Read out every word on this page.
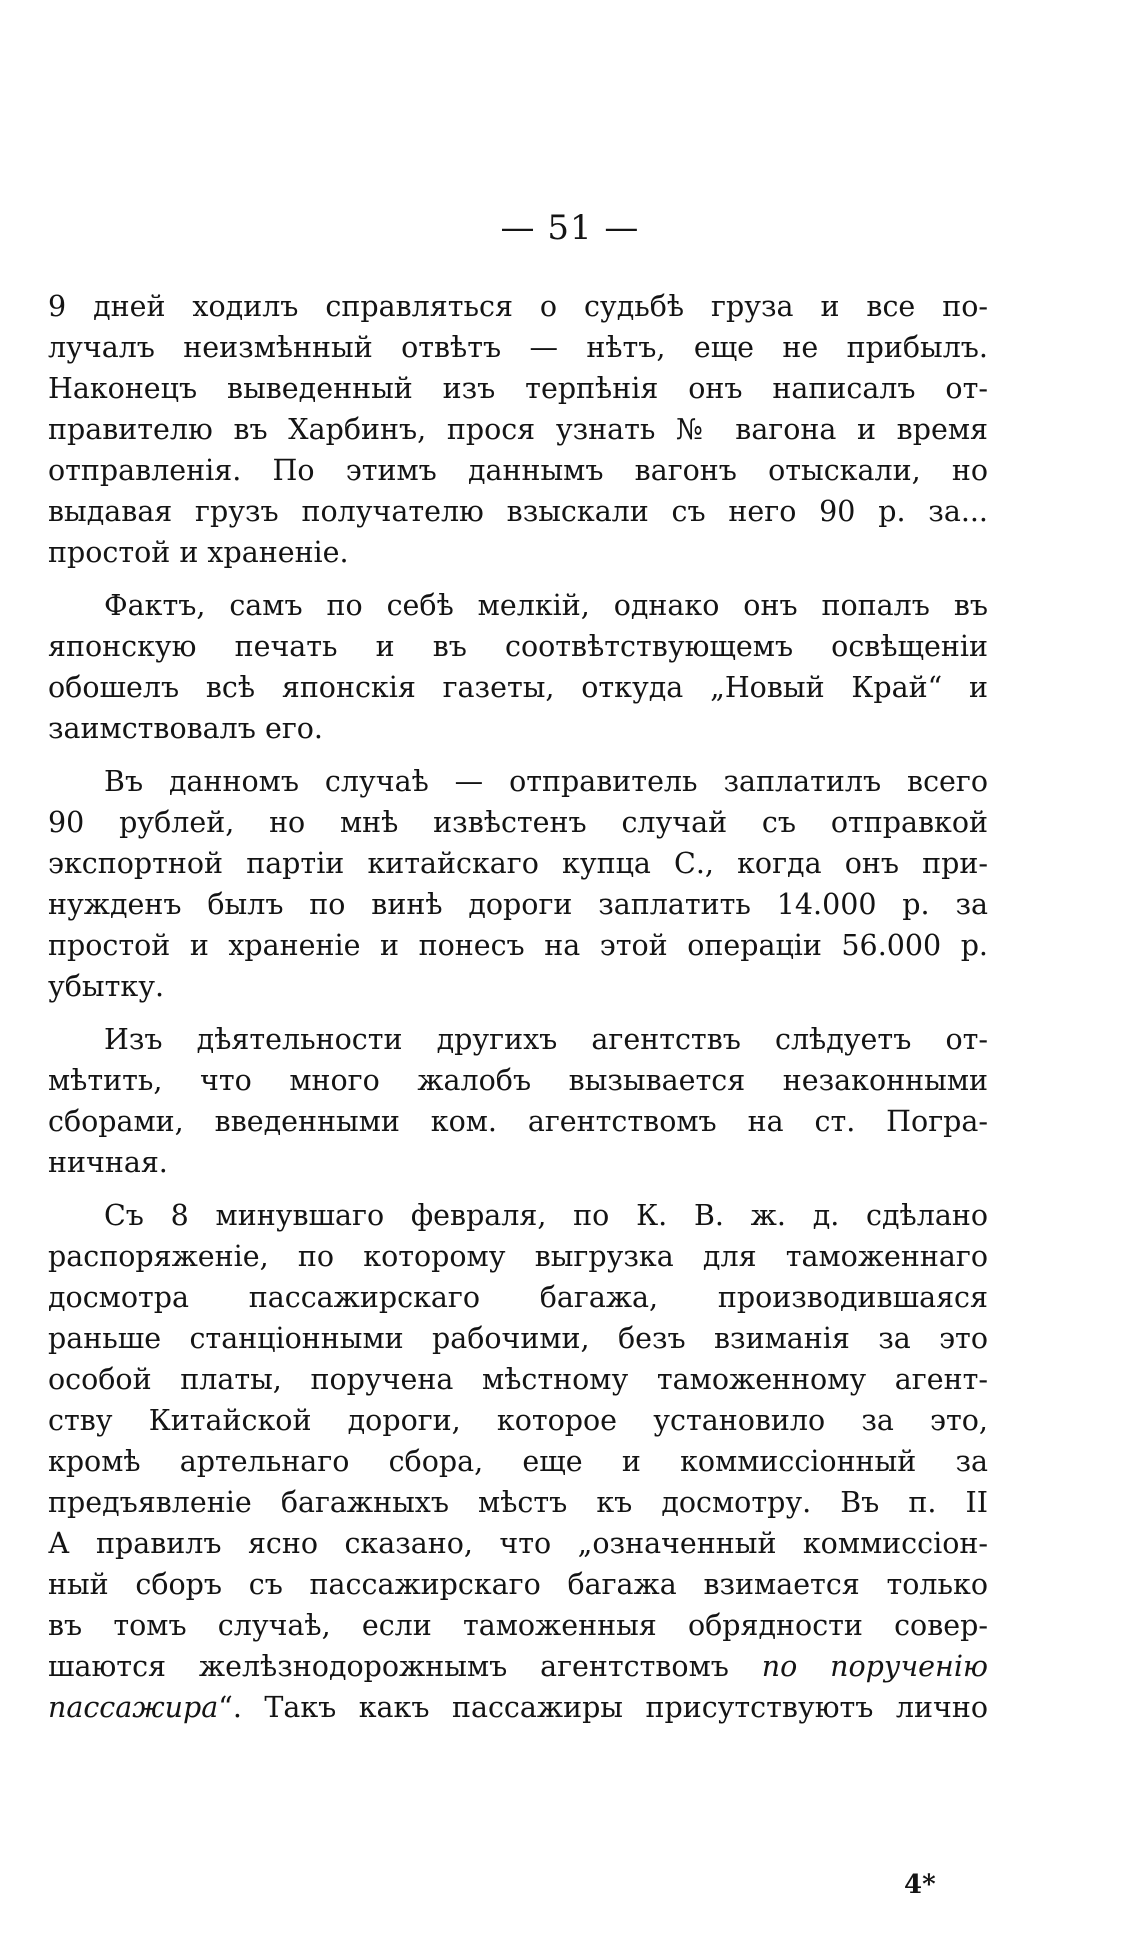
— 51 —
9 дней ходилъ справляться о судьбѣ груза и все по-
лучалъ неизмѣнный отвѣтъ — нѣтъ, еще не прибылъ.
Наконецъ выведенный изъ терпѣнія онъ написалъ от-
правителю въ Харбинъ, прося узнать № вагона и время
отправленія. По этимъ даннымъ вагонъ отыскали, но
выдавая грузъ получателю взыскали съ него 90 р. за...
простой и храненіе.
Фактъ, самъ по себѣ мелкій, однако онъ попалъ въ
японскую печать и въ соотвѣтствующемъ освѣщеніи
обошелъ всѣ японскія газеты, откуда „Новый Край“ и
заимствовалъ его.
Въ данномъ случаѣ — отправитель заплатилъ всего
90 рублей, но мнѣ извѣстенъ случай съ отправкой
экспортной партіи китайскаго купца С., когда онъ при-
нужденъ былъ по винѣ дороги заплатить 14.000 р. за
простой и храненіе и понесъ на этой операціи 56.000 р.
убытку.
Изъ дѣятельности другихъ агентствъ слѣдуетъ от-
мѣтить, что много жалобъ вызывается незаконными
сборами, введенными ком. агентствомъ на ст. Погра-
ничная.
Съ 8 минувшаго февраля, по К. В. ж. д. сдѣлано
распоряженіе, по которому выгрузка для таможеннаго
досмотра пассажирскаго багажа, производившаяся
раньше станціонными рабочими, безъ взиманія за это
особой платы, поручена мѣстному таможенному агент-
ству Китайской дороги, которое установило за это,
кромѣ артельнаго сбора, еще и коммиссіонный за
предъявленіе багажныхъ мѣстъ къ досмотру. Въ п. II
А правилъ ясно сказано, что „означенный коммиссіон-
ный сборъ съ пассажирскаго багажа взимается только
въ томъ случаѣ, если таможенныя обрядности совер-
шаются желѣзнодорожнымъ агентствомъ по порученію
пассажира“. Такъ какъ пассажиры присутствуютъ лично
4*
